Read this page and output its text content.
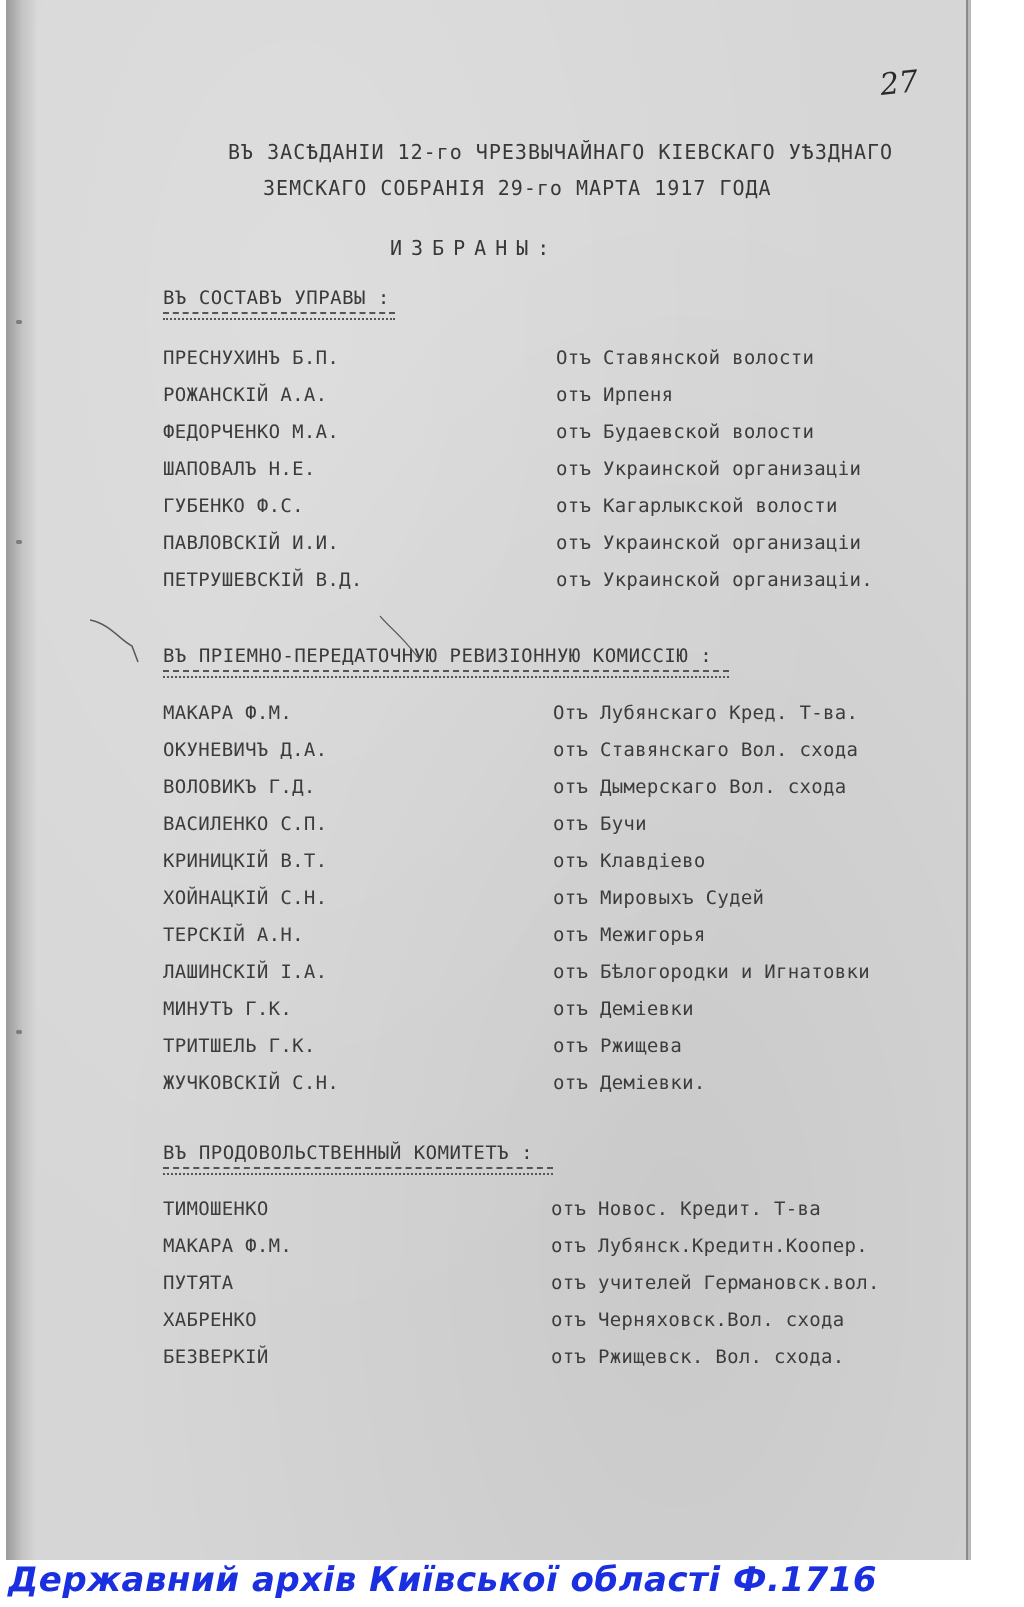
27
ВЪ ЗАСѢДАНІИ 12-го ЧРЕЗВЫЧАЙНАГО КІЕВСКАГО УѢЗДНАГО
ЗЕМСКАГО СОБРАНІЯ 29-го МАРТА 1917 ГОДА
ИЗБРАНЫ:
ВЪ СОСТАВЪ УПРАВЫ :
ПРЕСНУХИНЪ Б.П.	Отъ Ставянской волости
РОЖАНСКІЙ А.А.	отъ Ирпеня
ФЕДОРЧЕНКО М.А.	отъ Будаевской волости
ШАПОВАЛЪ Н.Е.	отъ Украинской организаціи
ГУБЕНКО Ф.С.	отъ Кагарлыкской волости
ПАВЛОВСКІЙ И.И.	отъ Украинской организаціи
ПЕТРУШЕВСКІЙ В.Д.	отъ Украинской организаціи.
ВЪ ПРІЕМНО-ПЕРЕДАТОЧНУЮ РЕВИЗІОННУЮ КОМИССІЮ :
МАКАРА Ф.М.	Отъ Лубянскаго Кред. Т-ва.
ОКУНЕВИЧЪ Д.А.	отъ Ставянскаго Вол. схода
ВОЛОВИКЪ Г.Д.	отъ Дымерскаго Вол. схода
ВАСИЛЕНКО С.П.	отъ Бучи
КРИНИЦКІЙ В.Т.	отъ Клавдіево
ХОЙНАЦКІЙ С.Н.	отъ Мировыхъ Судей
ТЕРСКІЙ А.Н.	отъ Межигорья
ЛАШИНСКІЙ І.А.	отъ Бѣлогородки и Игнатовки
МИНУТЪ Г.К.	отъ Деміевки
ТРИТШЕЛЬ Г.К.	отъ Ржищева
ЖУЧКОВСКІЙ С.Н.	отъ Деміевки.
ВЪ ПРОДОВОЛЬСТВЕННЫЙ КОМИТЕТЪ :
ТИМОШЕНКО	отъ Новос. Кредит. Т-ва
МАКАРА Ф.М.	отъ Лубянск.Кредитн.Коопер.
ПУТЯТА	отъ учителей Германовск.вол.
ХАБРЕНКО	отъ Черняховск.Вол. схода
БЕЗВЕРКІЙ	отъ Ржищевск. Вол. схода.
Державний архів Київської області Ф.1716
